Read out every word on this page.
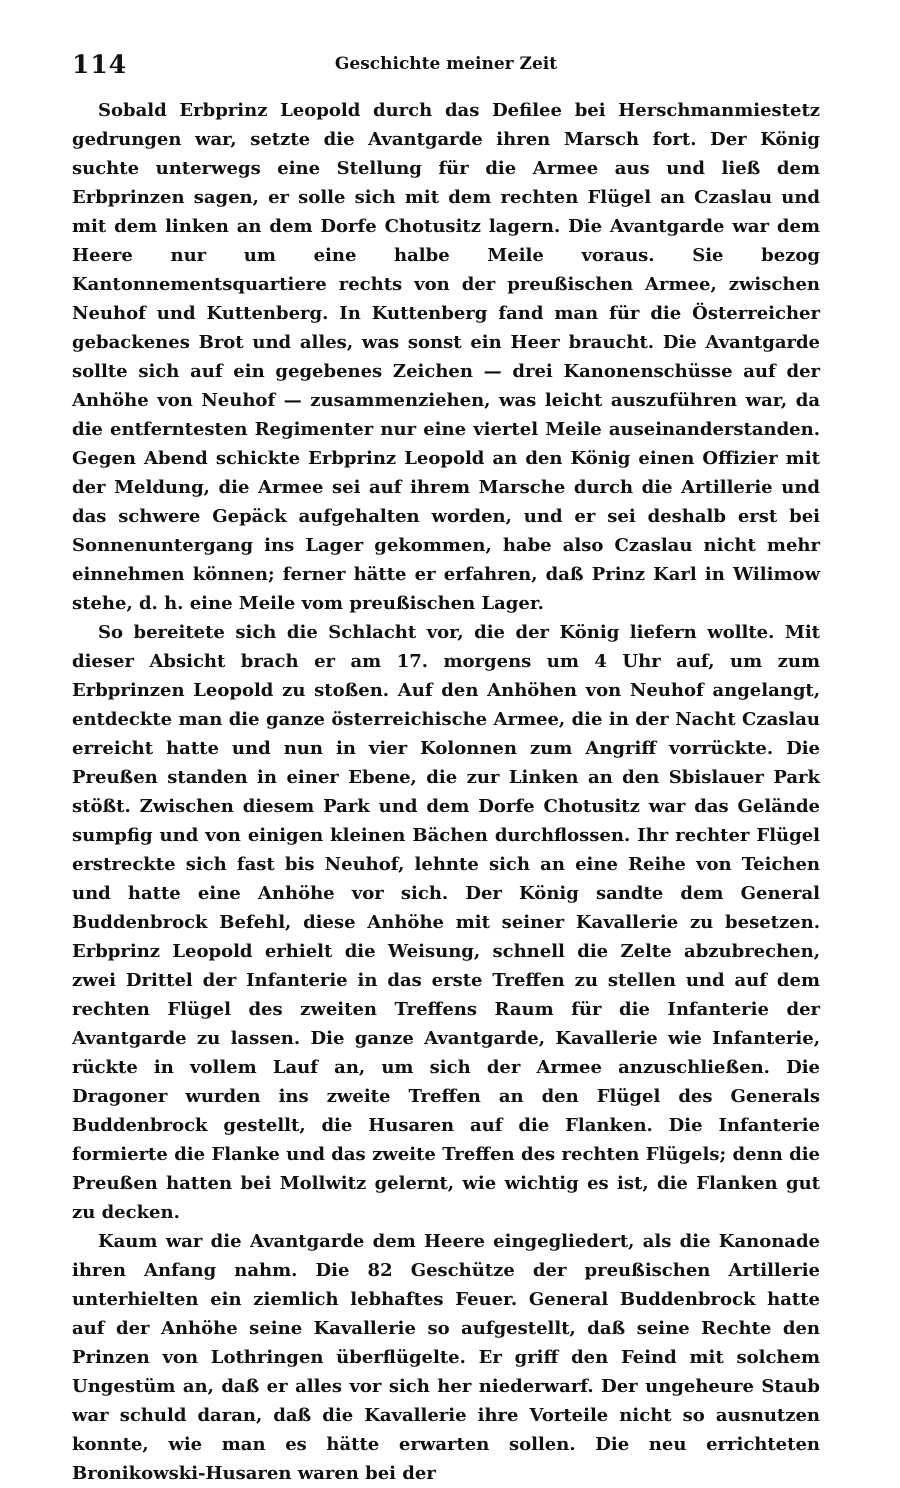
114	Geschichte meiner Zeit

Sobald Erbprinz Leopold durch das Defilee bei Herschmanmiestetz gedrungen war, setzte die Avantgarde ihren Marsch fort. Der König suchte unterwegs eine Stellung für die Armee aus und ließ dem Erbprinzen sagen, er solle sich mit dem rechten Flügel an Czaslau und mit dem linken an dem Dorfe Chotusitz lagern. Die Avantgarde war dem Heere nur um eine halbe Meile voraus. Sie bezog Kantonnementsquartiere rechts von der preußischen Armee, zwischen Neuhof und Kuttenberg. In Kuttenberg fand man für die Österreicher gebackenes Brot und alles, was sonst ein Heer braucht. Die Avantgarde sollte sich auf ein gegebenes Zeichen — drei Kanonenschüsse auf der Anhöhe von Neuhof — zusammenziehen, was leicht auszuführen war, da die entferntesten Regimenter nur eine viertel Meile auseinanderstanden. Gegen Abend schickte Erbprinz Leopold an den König einen Offizier mit der Meldung, die Armee sei auf ihrem Marsche durch die Artillerie und das schwere Gepäck aufgehalten worden, und er sei deshalb erst bei Sonnenuntergang ins Lager gekommen, habe also Czaslau nicht mehr einnehmen können; ferner hätte er erfahren, daß Prinz Karl in Wilimow stehe, d. h. eine Meile vom preußischen Lager.

So bereitete sich die Schlacht vor, die der König liefern wollte. Mit dieser Absicht brach er am 17. morgens um 4 Uhr auf, um zum Erbprinzen Leopold zu stoßen. Auf den Anhöhen von Neuhof angelangt, entdeckte man die ganze österreichische Armee, die in der Nacht Czaslau erreicht hatte und nun in vier Kolonnen zum Angriff vorrückte. Die Preußen standen in einer Ebene, die zur Linken an den Sbislauer Park stößt. Zwischen diesem Park und dem Dorfe Chotusitz war das Gelände sumpfig und von einigen kleinen Bächen durchflossen. Ihr rechter Flügel erstreckte sich fast bis Neuhof, lehnte sich an eine Reihe von Teichen und hatte eine Anhöhe vor sich. Der König sandte dem General Buddenbrock Befehl, diese Anhöhe mit seiner Kavallerie zu besetzen. Erbprinz Leopold erhielt die Weisung, schnell die Zelte abzubrechen, zwei Drittel der Infanterie in das erste Treffen zu stellen und auf dem rechten Flügel des zweiten Treffens Raum für die Infanterie der Avantgarde zu lassen. Die ganze Avantgarde, Kavallerie wie Infanterie, rückte in vollem Lauf an, um sich der Armee anzuschließen. Die Dragoner wurden ins zweite Treffen an den Flügel des Generals Buddenbrock gestellt, die Husaren auf die Flanken. Die Infanterie formierte die Flanke und das zweite Treffen des rechten Flügels; denn die Preußen hatten bei Mollwitz gelernt, wie wichtig es ist, die Flanken gut zu decken.

Kaum war die Avantgarde dem Heere eingegliedert, als die Kanonade ihren Anfang nahm. Die 82 Geschütze der preußischen Artillerie unterhielten ein ziemlich lebhaftes Feuer. General Buddenbrock hatte auf der Anhöhe seine Kavallerie so aufgestellt, daß seine Rechte den Prinzen von Lothringen überflügelte. Er griff den Feind mit solchem Ungestüm an, daß er alles vor sich her niederwarf. Der ungeheure Staub war schuld daran, daß die Kavallerie ihre Vorteile nicht so ausnutzen konnte, wie man es hätte erwarten sollen. Die neu errichteten Bronikowski-Husaren waren bei der
